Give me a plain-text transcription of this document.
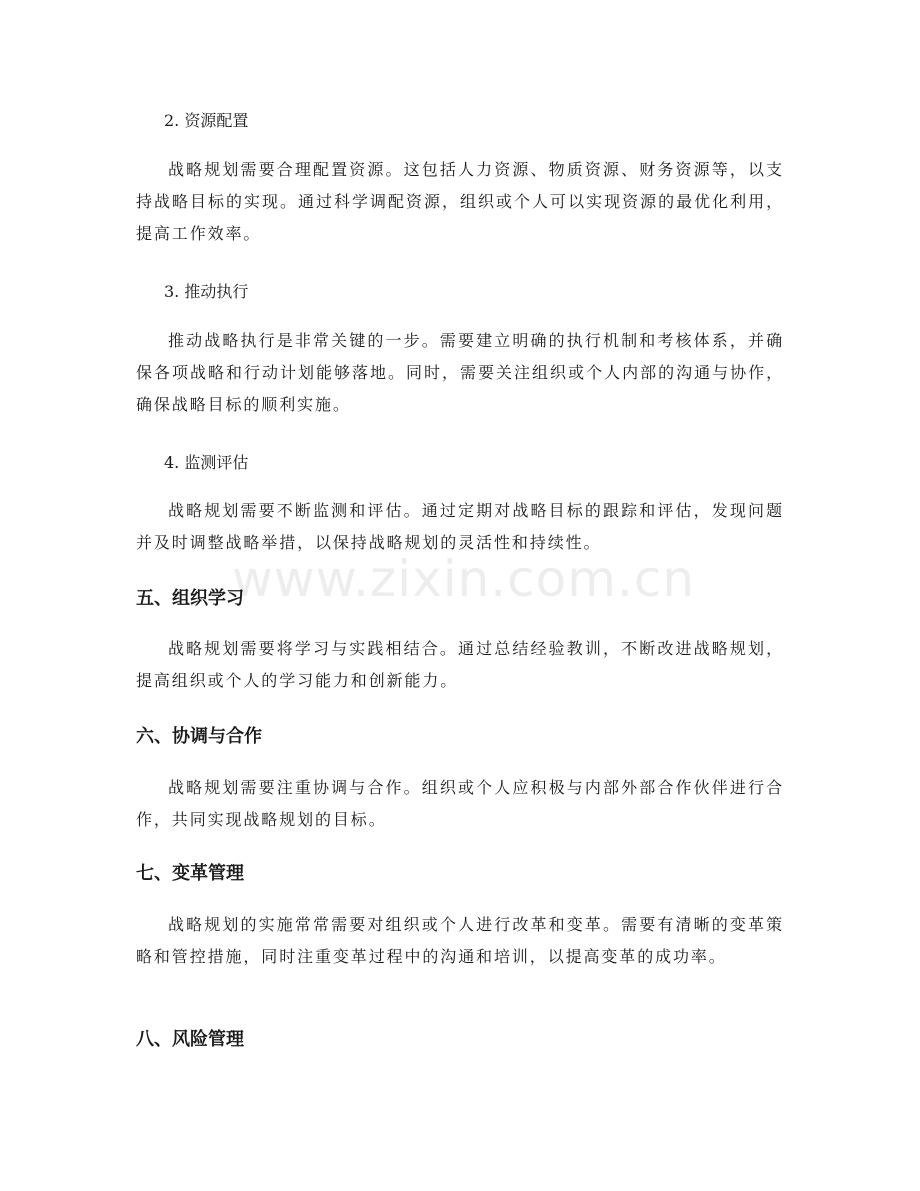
www.zixin.com.cn
2. 资源配置
战略规划需要合理配置资源。这包括人力资源、物质资源、财务资源等，以支持战略目标的实现。通过科学调配资源，组织或个人可以实现资源的最优化利用，提高工作效率。
3. 推动执行
推动战略执行是非常关键的一步。需要建立明确的执行机制和考核体系，并确保各项战略和行动计划能够落地。同时，需要关注组织或个人内部的沟通与协作，确保战略目标的顺利实施。
4. 监测评估
战略规划需要不断监测和评估。通过定期对战略目标的跟踪和评估，发现问题并及时调整战略举措，以保持战略规划的灵活性和持续性。
五、组织学习
战略规划需要将学习与实践相结合。通过总结经验教训，不断改进战略规划，提高组织或个人的学习能力和创新能力。
六、协调与合作
战略规划需要注重协调与合作。组织或个人应积极与内部外部合作伙伴进行合作，共同实现战略规划的目标。
七、变革管理
战略规划的实施常常需要对组织或个人进行改革和变革。需要有清晰的变革策略和管控措施，同时注重变革过程中的沟通和培训，以提高变革的成功率。
八、风险管理
